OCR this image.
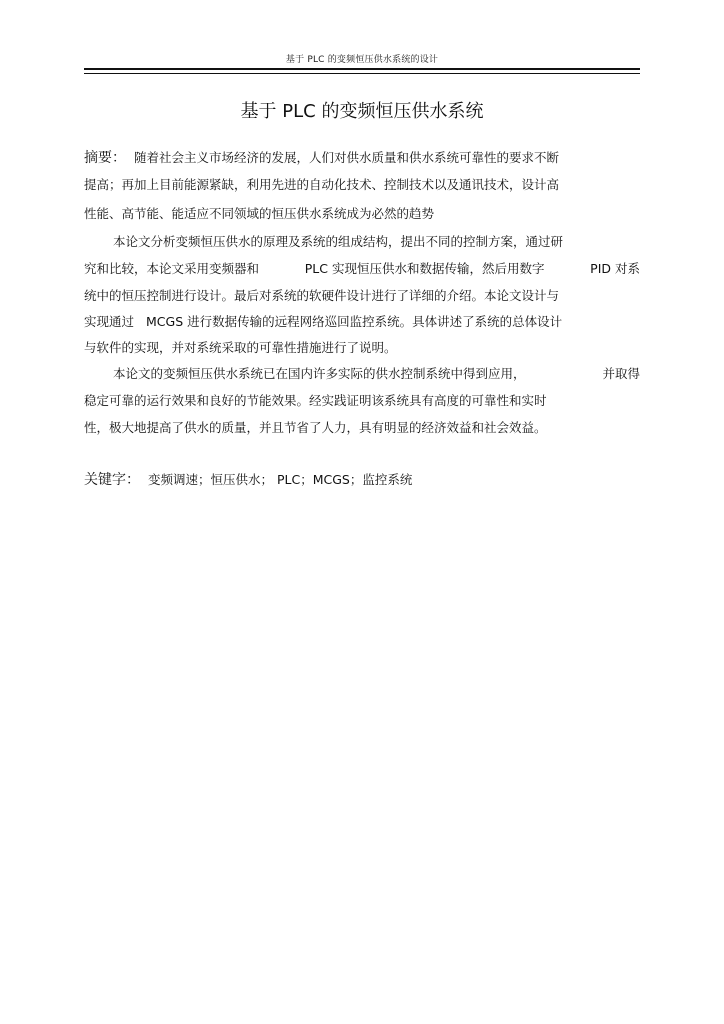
基于 PLC 的变频恒压供水系统的设计
基于 PLC 的变频恒压供水系统
摘要： 随着社会主义市场经济的发展，人们对供水质量和供水系统可靠性的要求不断
提高；再加上目前能源紧缺，利用先进的自动化技术、控制技术以及通讯技术，设计高
性能、高节能、能适应不同领域的恒压供水系统成为必然的趋势
本论文分析变频恒压供水的原理及系统的组成结构，提出不同的控制方案，通过研
究和比较，本论文采用变频器和	PLC 实现恒压供水和数据传输，然后用数字	PID 对系
统中的恒压控制进行设计。最后对系统的软硬件设计进行了详细的介绍。本论文设计与
实现通过 MCGS 进行数据传输的远程网络巡回监控系统。具体讲述了系统的总体设计
与软件的实现，并对系统采取的可靠性措施进行了说明。
本论文的变频恒压供水系统已在国内许多实际的供水控制系统中得到应用，	并取得
稳定可靠的运行效果和良好的节能效果。经实践证明该系统具有高度的可靠性和实时
性，极大地提高了供水的质量，并且节省了人力，具有明显的经济效益和社会效益。
关键字： 变频调速；恒压供水； PLC；MCGS；监控系统
